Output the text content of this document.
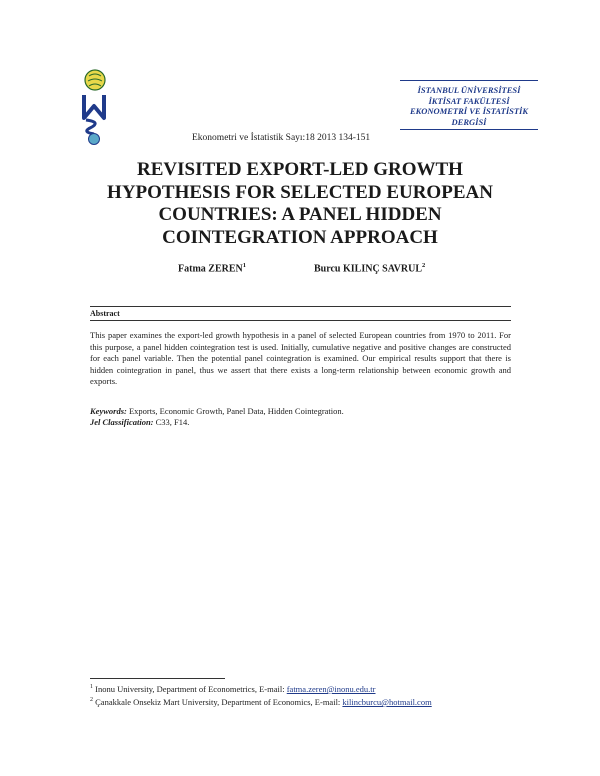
İSTANBUL ÜNİVERSİTESİ
İKTİSAT FAKÜLTESİ
EKONOMETRİ VE İSTATİSTİK
DERGİSİ
Ekonometri ve İstatistik Sayı:18 2013 134-151
REVISITED EXPORT-LED GROWTH
HYPOTHESIS FOR SELECTED EUROPEAN
COUNTRIES: A PANEL HIDDEN
COINTEGRATION APPROACH
Fatma ZEREN$^1$	Burcu KILINÇ SAVRUL$^2$
Abstract
This paper examines the export-led growth hypothesis in a panel of selected European countries from 1970 to 2011. For this purpose, a panel hidden cointegration test is used. Initially, cumulative negative and positive changes are constructed for each panel variable. Then the potential panel cointegration is examined. Our empirical results support that there is hidden cointegration in panel, thus we assert that there exists a long-term relationship between economic growth and exports.
Keywords: Exports, Economic Growth, Panel Data, Hidden Cointegration.
Jel Classification: C33, F14.
$^1$ Inonu University, Department of Econometrics, E-mail: fatma.zeren@inonu.edu.tr
$^2$ Çanakkale Onsekiz Mart University, Department of Economics, E-mail: kilincburcu@hotmail.com
